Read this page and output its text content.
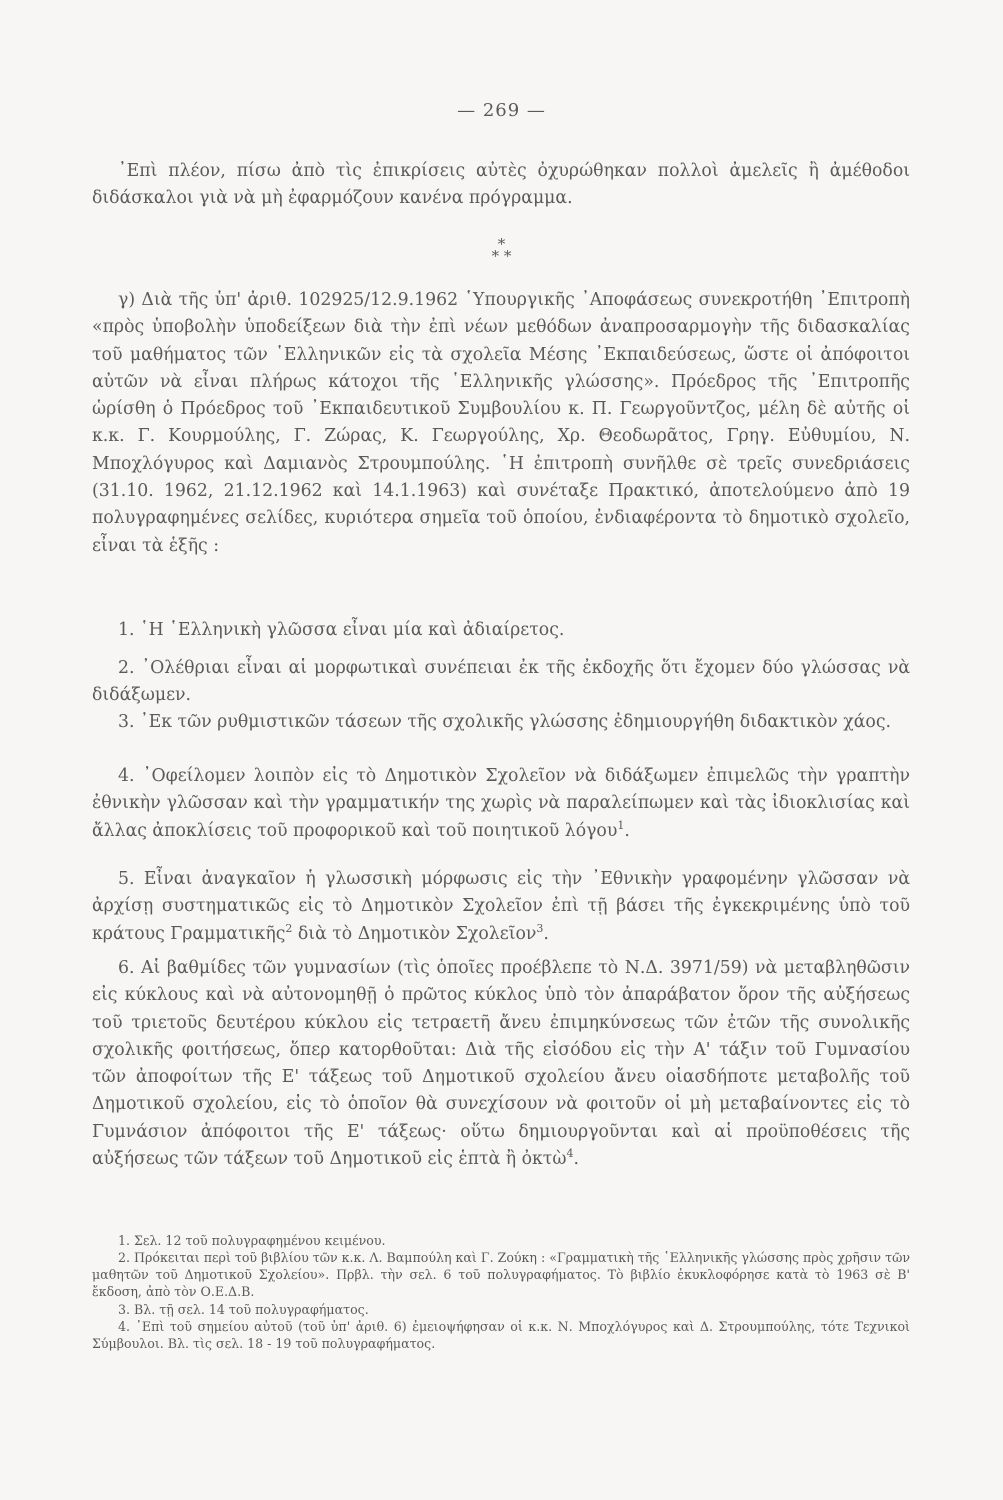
— 269 —
᾿Επὶ πλέον, πίσω ἀπὸ τὶς ἐπικρίσεις αὐτὲς ὀχυρώθηκαν πολλοὶ ἀμελεῖς ἢ ἀμέθοδοι διδάσκαλοι γιὰ νὰ μὴ ἐφαρμόζουν κανένα πρόγραμμα.
*
* *
γ) Διὰ τῆς ὑπ' ἀριθ. 102925/12.9.1962 ῾Υπουργικῆς ᾿Αποφάσεως συνεκροτήθη ᾿Επιτροπὴ «πρὸς ὑποβολὴν ὑποδείξεων διὰ τὴν ἐπὶ νέων μεθόδων ἀναπροσαρμογὴν τῆς διδασκαλίας τοῦ μαθήματος τῶν ῾Ελληνικῶν εἰς τὰ σχολεῖα Μέσης ᾿Εκπαιδεύσεως, ὥστε οἱ ἀπόφοιτοι αὐτῶν νὰ εἶναι πλήρως κάτοχοι τῆς ῾Ελληνικῆς γλώσσης». Πρόεδρος τῆς ᾿Επιτροπῆς ὡρίσθη ὁ Πρόεδρος τοῦ ᾿Εκπαιδευτικοῦ Συμβουλίου κ. Π. Γεωργοῦντζος, μέλη δὲ αὐτῆς οἱ κ.κ. Γ. Κουρμούλης, Γ. Ζώρας, Κ. Γεωργούλης, Χρ. Θεοδωρᾶτος, Γρηγ. Εὐθυμίου, Ν. Μποχλόγυρος καὶ Δαμιανὸς Στρουμπούλης. ῾Η ἐπιτροπὴ συνῆλθε σὲ τρεῖς συνεδριάσεις (31.10. 1962, 21.12.1962 καὶ 14.1.1963) καὶ συνέταξε Πρακτικό, ἀποτελούμενο ἀπὸ 19 πολυγραφημένες σελίδες, κυριότερα σημεῖα τοῦ ὁποίου, ἐνδιαφέροντα τὸ δημοτικὸ σχολεῖο, εἶναι τὰ ἑξῆς :
1. ῾Η ῾Ελληνικὴ γλῶσσα εἶναι μία καὶ ἀδιαίρετος.
2. ᾿Ολέθριαι εἶναι αἱ μορφωτικαὶ συνέπειαι ἐκ τῆς ἐκδοχῆς ὅτι ἔχομεν δύο γλώσσας νὰ διδάξωμεν.
3. ᾿Εκ τῶν ρυθμιστικῶν τάσεων τῆς σχολικῆς γλώσσης ἐδημιουργήθη διδακτικὸν χάος.
4. ᾿Οφείλομεν λοιπὸν εἰς τὸ Δημοτικὸν Σχολεῖον νὰ διδάξωμεν ἐπιμελῶς τὴν γραπτὴν ἐθνικὴν γλῶσσαν καὶ τὴν γραμματικήν της χωρὶς νὰ παραλείπωμεν καὶ τὰς ἰδιοκλισίας καὶ ἄλλας ἀποκλίσεις τοῦ προφορικοῦ καὶ τοῦ ποιητικοῦ λόγου$^1$.
5. Εἶναι ἀναγκαῖον ἡ γλωσσικὴ μόρφωσις εἰς τὴν ᾿Εθνικὴν γραφομένην γλῶσσαν νὰ ἀρχίσῃ συστηματικῶς εἰς τὸ Δημοτικὸν Σχολεῖον ἐπὶ τῇ βάσει τῆς ἐγκεκριμένης ὑπὸ τοῦ κράτους Γραμματικῆς$^2$ διὰ τὸ Δημοτικὸν Σχολεῖον$^3$.
6. Αἱ βαθμίδες τῶν γυμνασίων (τὶς ὁποῖες προέβλεπε τὸ Ν.Δ. 3971/59) νὰ μεταβληθῶσιν εἰς κύκλους καὶ νὰ αὐτονομηθῇ ὁ πρῶτος κύκλος ὑπὸ τὸν ἀπαράβατον ὅρον τῆς αὐξήσεως τοῦ τριετοῦς δευτέρου κύκλου εἰς τετραετῆ ἄνευ ἐπιμηκύνσεως τῶν ἐτῶν τῆς συνολικῆς σχολικῆς φοιτήσεως, ὅπερ κατορθοῦται: Διὰ τῆς εἰσόδου εἰς τὴν Α' τάξιν τοῦ Γυμνασίου τῶν ἀποφοίτων τῆς Ε' τάξεως τοῦ Δημοτικοῦ σχολείου ἄνευ οἱασδήποτε μεταβολῆς τοῦ Δημοτικοῦ σχολείου, εἰς τὸ ὁποῖον θὰ συνεχίσουν νὰ φοιτοῦν οἱ μὴ μεταβαίνοντες εἰς τὸ Γυμνάσιον ἀπόφοιτοι τῆς Ε' τάξεως· οὕτω δημιουργοῦνται καὶ αἱ προϋποθέσεις τῆς αὐξήσεως τῶν τάξεων τοῦ Δημοτικοῦ εἰς ἑπτὰ ἢ ὀκτὼ$^4$.
1. Σελ. 12 τοῦ πολυγραφημένου κειμένου.
2. Πρόκειται περὶ τοῦ βιβλίου τῶν κ.κ. Λ. Βαμπούλη καὶ Γ. Ζούκη : «Γραμματικὴ τῆς ῾Ελληνικῆς γλώσσης πρὸς χρῆσιν τῶν μαθητῶν τοῦ Δημοτικοῦ Σχολείου». Πρβλ. τὴν σελ. 6 τοῦ πολυγραφήματος. Τὸ βιβλίο ἐκυκλοφόρησε κατὰ τὸ 1963 σὲ Β' ἔκδοση, ἀπὸ τὸν Ο.Ε.Δ.Β.
3. Βλ. τῇ σελ. 14 τοῦ πολυγραφήματος.
4. ᾿Επὶ τοῦ σημείου αὐτοῦ (τοῦ ὑπ' ἀριθ. 6) ἐμειοψήφησαν οἱ κ.κ. Ν. Μποχλόγυρος καὶ Δ. Στρουμπούλης, τότε Τεχνικοὶ Σύμβουλοι. Βλ. τὶς σελ. 18 - 19 τοῦ πολυγραφήματος.
